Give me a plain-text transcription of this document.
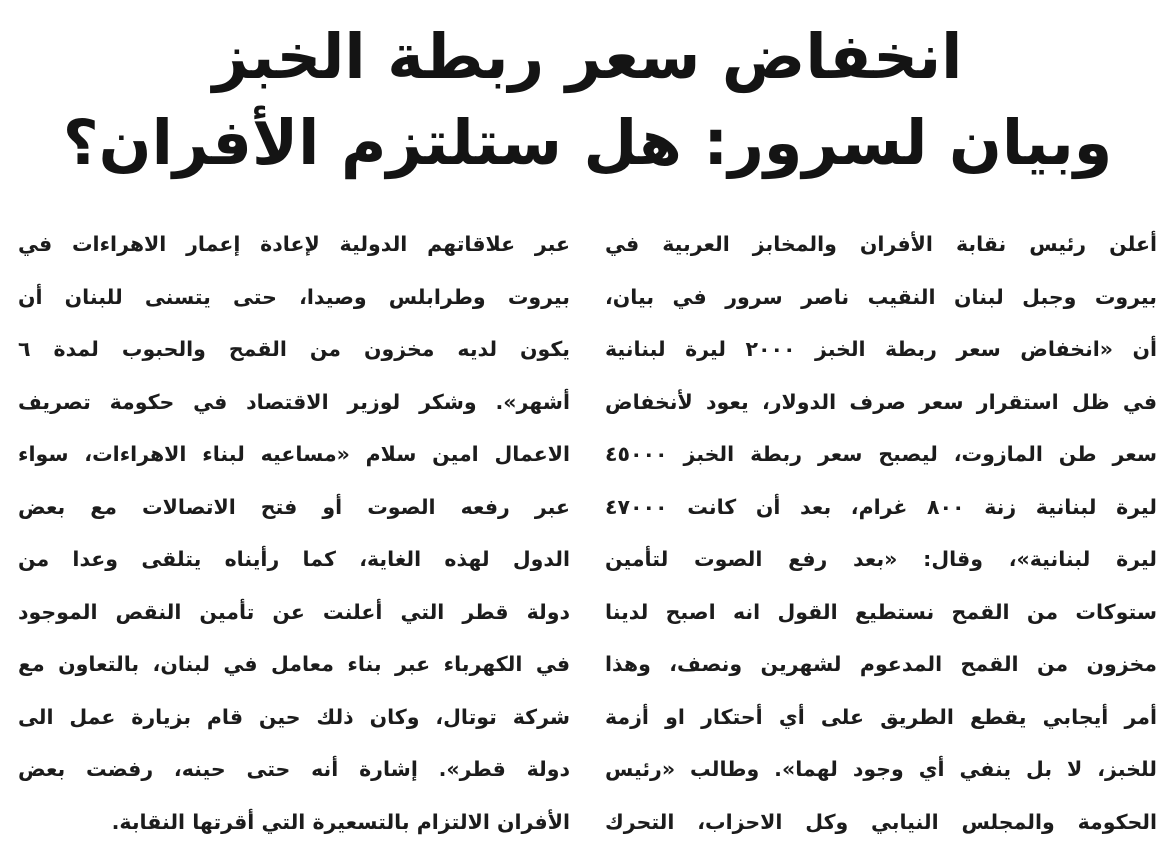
انخفاض سعر ربطة الخبز
وبيان لسرور: هل ستلتزم الأفران؟
أعلن رئيس نقابة الأفران والمخابز العربية في
بيروت وجبل لبنان النقيب ناصر سرور في بيان،
أن «انخفاض سعر ربطة الخبز ٢٠٠٠ ليرة لبنانية
في ظل استقرار سعر صرف الدولار، يعود لأنخفاض
سعر طن المازوت، ليصبح سعر ربطة الخبز ٤٥٠٠٠
ليرة لبنانية زنة ٨٠٠ غرام، بعد أن كانت ٤٧٠٠٠
ليرة لبنانية»، وقال: «بعد رفع الصوت لتأمين
ستوكات من القمح نستطيع القول انه اصبح لدينا
مخزون من القمح المدعوم لشهرين ونصف، وهذا
أمر أيجابي يقطع الطريق على أي أحتكار او أزمة
للخبز، لا بل ينفي أي وجود لهما». وطالب «رئيس
الحكومة والمجلس النيابي وكل الاحزاب، التحرك
عبر علاقاتهم الدولية لإعادة إعمار الاهراءات في
بيروت وطرابلس وصيدا، حتى يتسنى للبنان أن
يكون لديه مخزون من القمح والحبوب لمدة ٦
أشهر». وشكر لوزير الاقتصاد في حكومة تصريف
الاعمال امين سلام «مساعيه لبناء الاهراءات، سواء
عبر رفعه الصوت أو فتح الاتصالات مع بعض
الدول لهذه الغاية، كما رأيناه يتلقى وعدا من
دولة قطر التي أعلنت عن تأمين النقص الموجود
في الكهرباء عبر بناء معامل في لبنان، بالتعاون مع
شركة توتال، وكان ذلك حين قام بزيارة عمل الى
دولة قطر». إشارة أنه حتى حينه، رفضت بعض
الأفران الالتزام بالتسعيرة التي أقرتها النقابة.
